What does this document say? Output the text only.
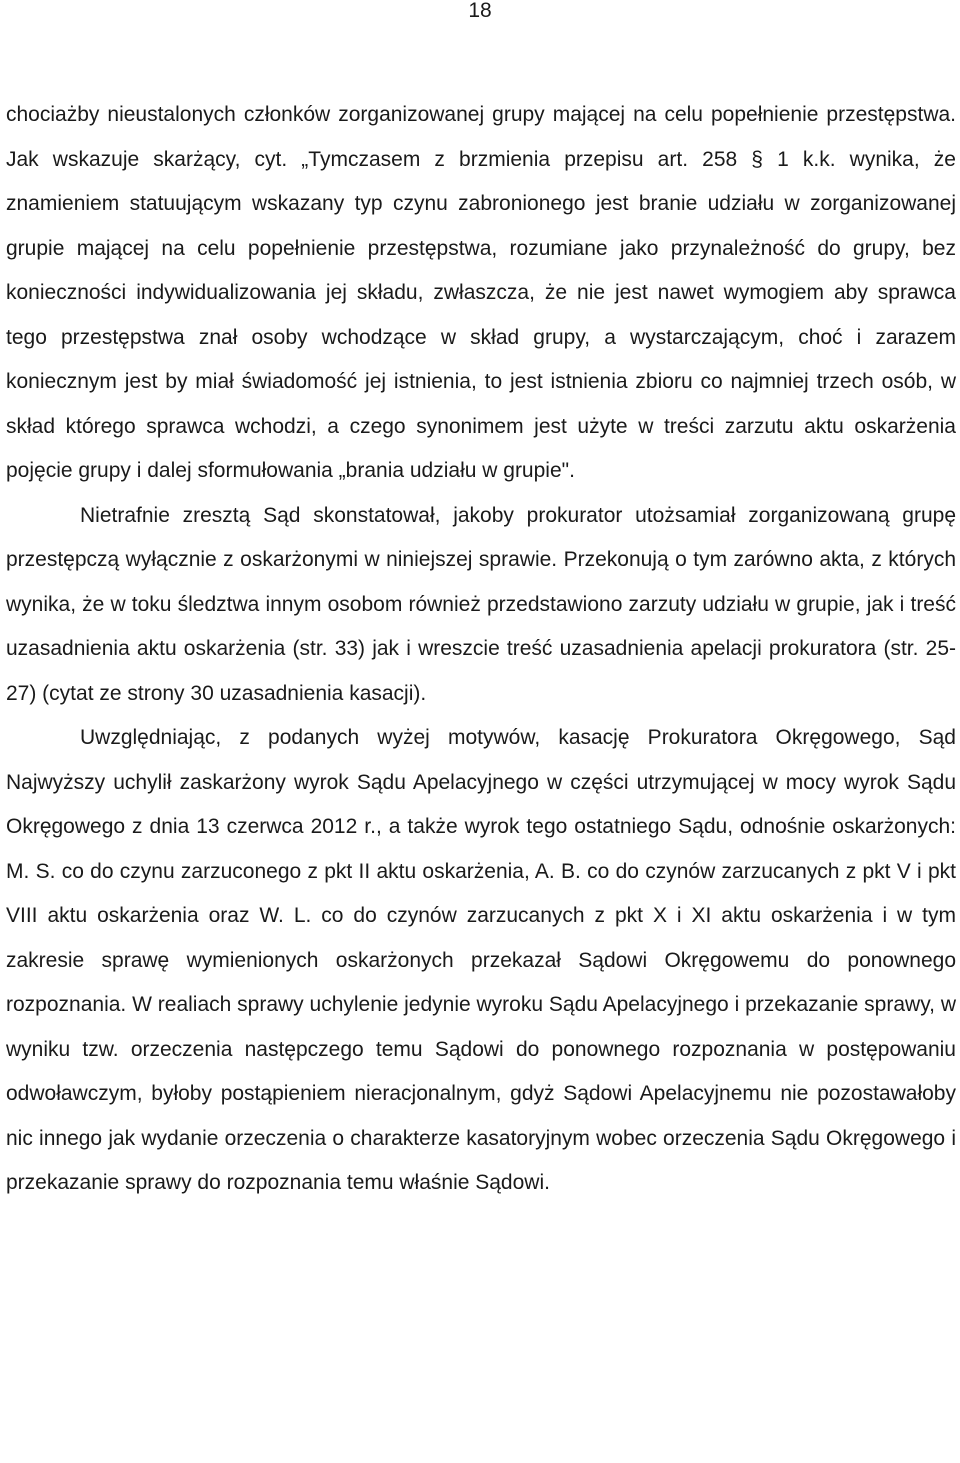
18

chociażby nieustalonych członków zorganizowanej grupy mającej na celu popełnienie przestępstwa. Jak wskazuje skarżący, cyt. „Tymczasem z brzmienia przepisu art. 258 § 1 k.k. wynika, że znamieniem statuującym wskazany typ czynu zabronionego jest branie udziału w zorganizowanej grupie mającej na celu popełnienie przestępstwa, rozumiane jako przynależność do grupy, bez konieczności indywidualizowania jej składu, zwłaszcza, że nie jest nawet wymogiem aby sprawca tego przestępstwa znał osoby wchodzące w skład grupy, a wystarczającym, choć i zarazem koniecznym jest by miał świadomość jej istnienia, to jest istnienia zbioru co najmniej trzech osób, w skład którego sprawca wchodzi, a czego synonimem jest użyte w treści zarzutu aktu oskarżenia pojęcie grupy i dalej sformułowania „brania udziału w grupie".

Nietrafnie zresztą Sąd skonstatował, jakoby prokurator utożsamiał zorganizowaną grupę przestępczą wyłącznie z oskarżonymi w niniejszej sprawie. Przekonują o tym zarówno akta, z których wynika, że w toku śledztwa innym osobom również przedstawiono zarzuty udziału w grupie, jak i treść uzasadnienia aktu oskarżenia (str. 33) jak i wreszcie treść uzasadnienia apelacji prokuratora (str. 25-27) (cytat ze strony 30 uzasadnienia kasacji).

Uwzględniając, z podanych wyżej motywów, kasację Prokuratora Okręgowego, Sąd Najwyższy uchylił zaskarżony wyrok Sądu Apelacyjnego w części utrzymującej w mocy wyrok Sądu Okręgowego z dnia 13 czerwca 2012 r., a także wyrok tego ostatniego Sądu, odnośnie oskarżonych: M. S. co do czynu zarzuconego z pkt II aktu oskarżenia, A. B. co do czynów zarzucanych z pkt V i pkt VIII aktu oskarżenia oraz W. L. co do czynów zarzucanych z pkt X i XI aktu oskarżenia i w tym zakresie sprawę wymienionych oskarżonych przekazał Sądowi Okręgowemu do ponownego rozpoznania. W realiach sprawy uchylenie jedynie wyroku Sądu Apelacyjnego i przekazanie sprawy, w wyniku tzw. orzeczenia następczego temu Sądowi do ponownego rozpoznania w postępowaniu odwoławczym, byłoby postąpieniem nieracjonalnym, gdyż Sądowi Apelacyjnemu nie pozostawałoby nic innego jak wydanie orzeczenia o charakterze kasatoryjnym wobec orzeczenia Sądu Okręgowego i przekazanie sprawy do rozpoznania temu właśnie Sądowi.
